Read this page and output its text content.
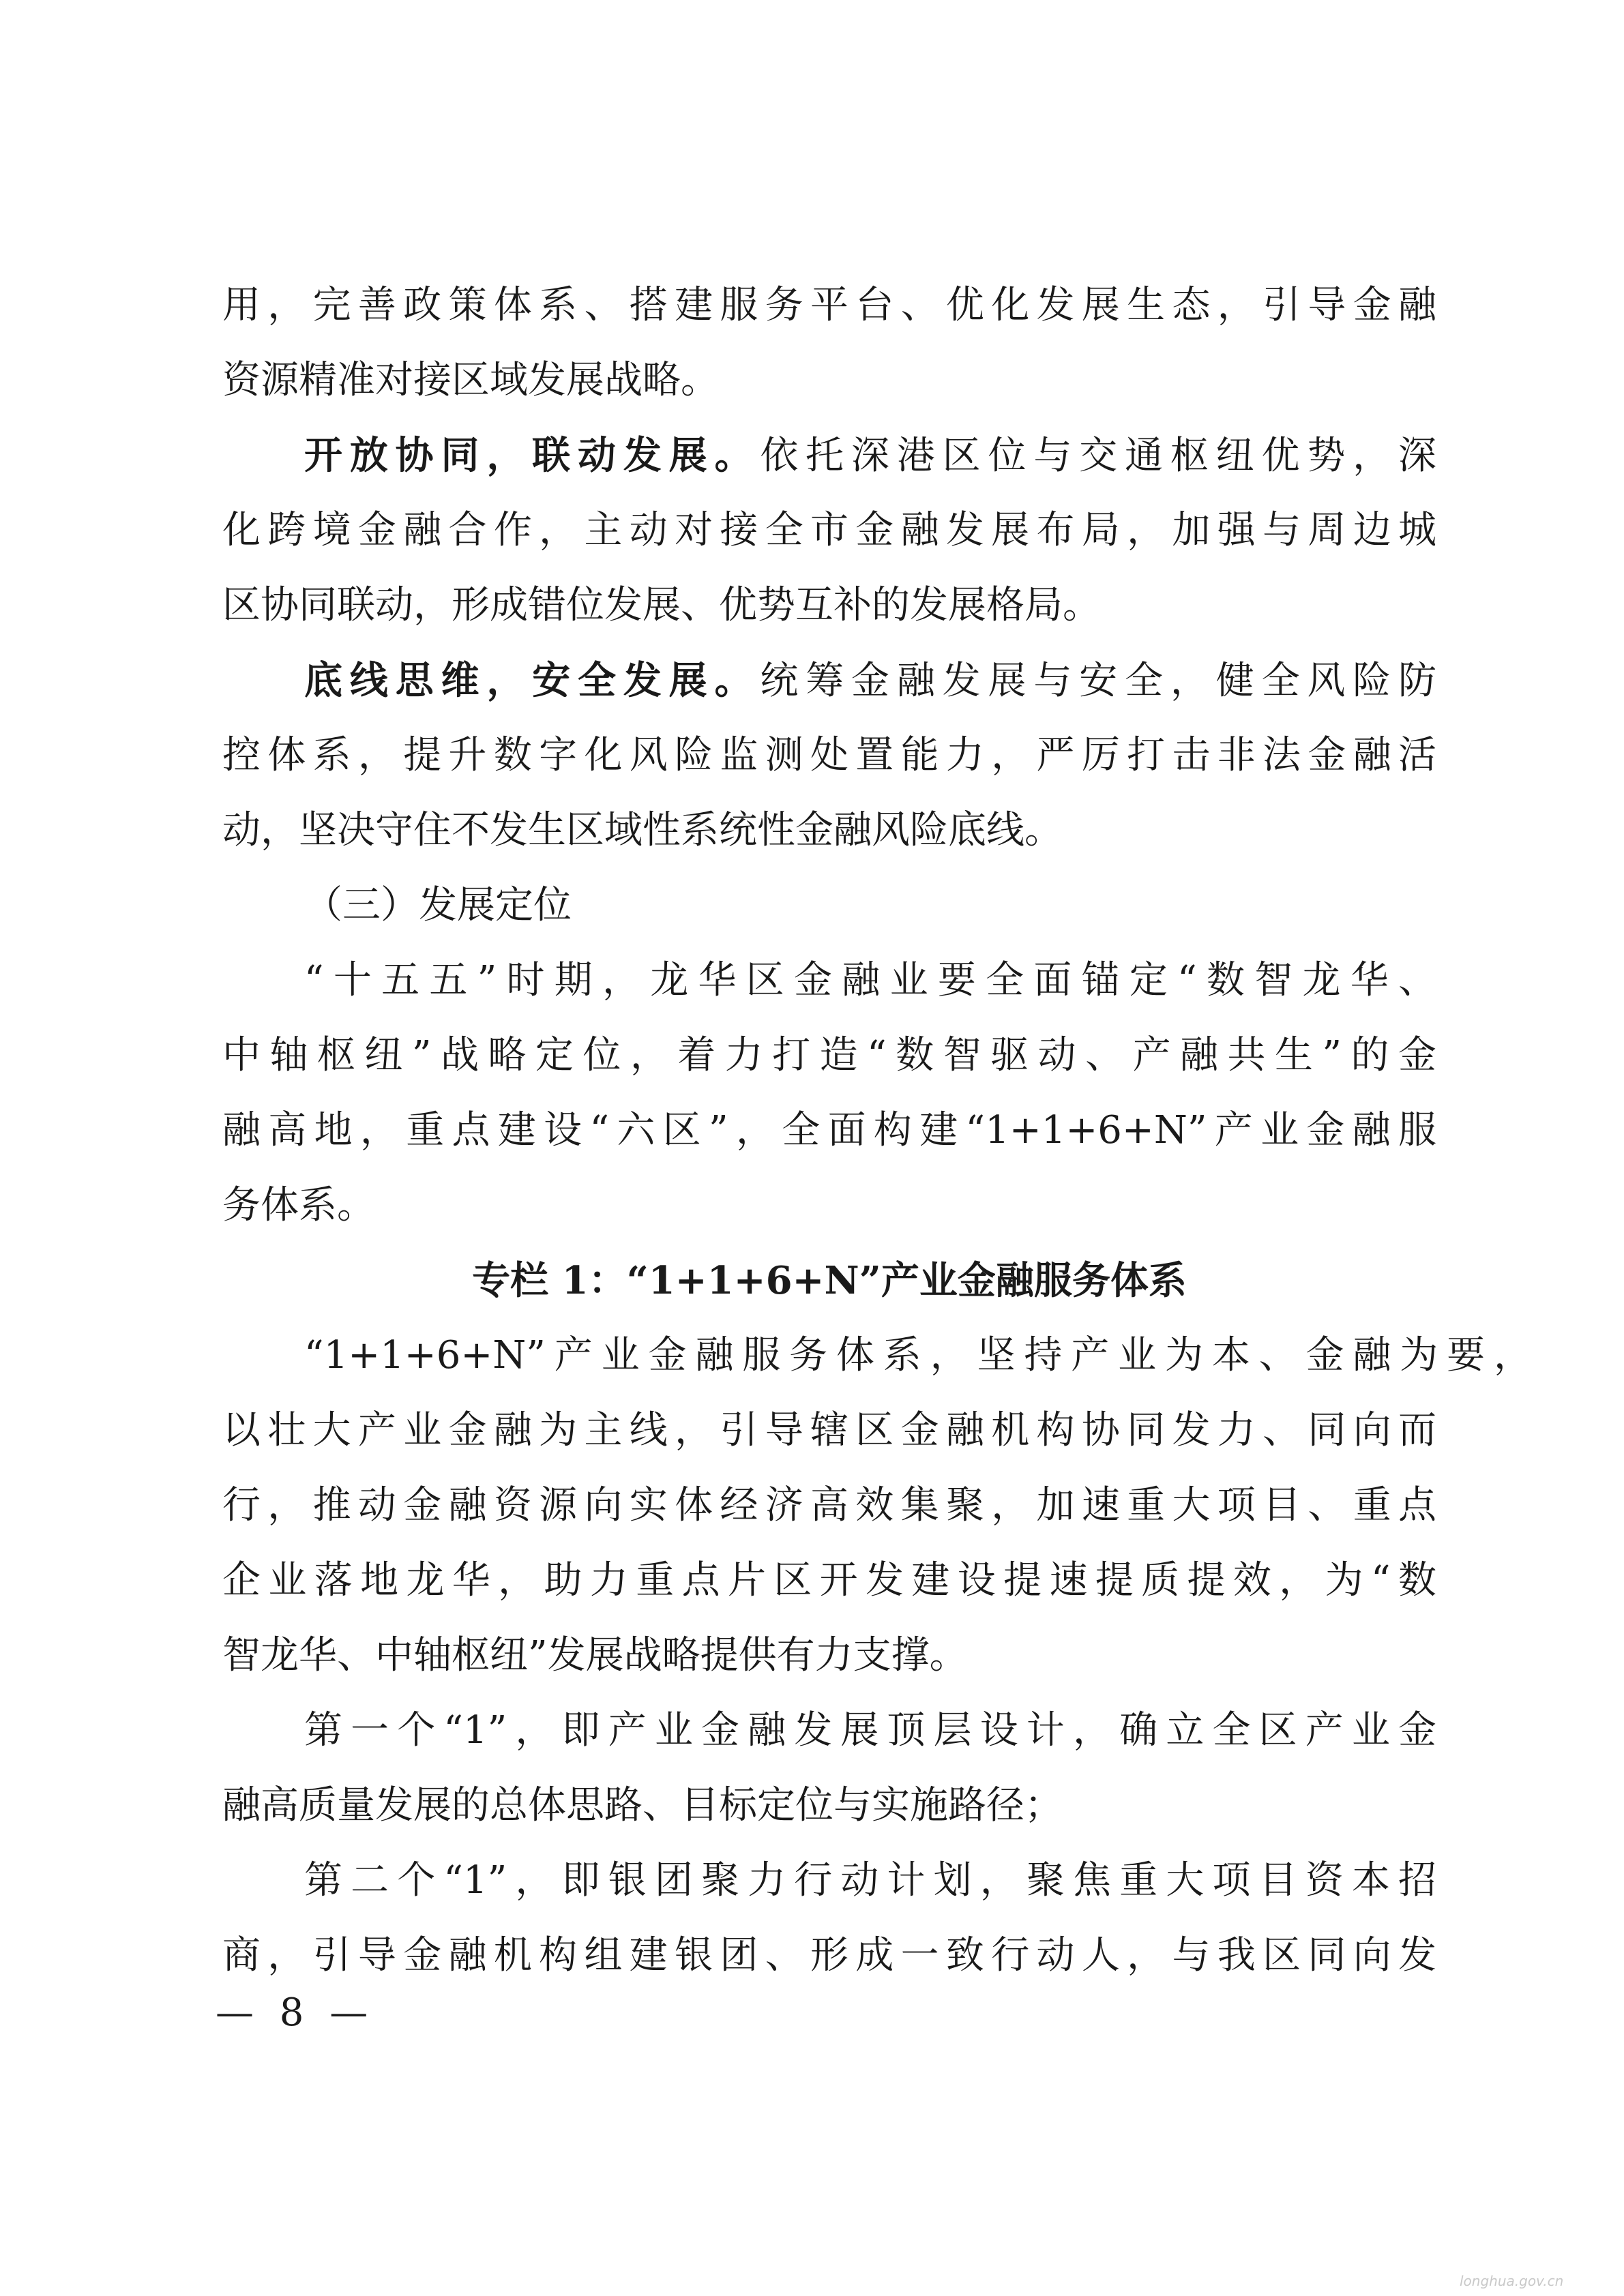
用，完善政策体系、搭建服务平台、优化发展生态，引导金融
资源精准对接区域发展战略。
开放协同，联动发展。依托深港区位与交通枢纽优势，深
化跨境金融合作，主动对接全市金融发展布局，加强与周边城
区协同联动，形成错位发展、优势互补的发展格局。
底线思维，安全发展。统筹金融发展与安全，健全风险防
控体系，提升数字化风险监测处置能力，严厉打击非法金融活
动，坚决守住不发生区域性系统性金融风险底线。
（三）发展定位
“十五五”时期，龙华区金融业要全面锚定“数智龙华、
中轴枢纽”战略定位，着力打造“数智驱动、产融共生”的金
融高地，重点建设“六区”，全面构建“1+1+6+N”产业金融服
务体系。
专栏 1：“1+1+6+N”产业金融服务体系
“1+1+6+N”产业金融服务体系，坚持产业为本、金融为要，
以壮大产业金融为主线，引导辖区金融机构协同发力、同向而
行，推动金融资源向实体经济高效集聚，加速重大项目、重点
企业落地龙华，助力重点片区开发建设提速提质提效，为“数
智龙华、中轴枢纽”发展战略提供有力支撑。
第一个“1”，即产业金融发展顶层设计，确立全区产业金
融高质量发展的总体思路、目标定位与实施路径；
第二个“1”，即银团聚力行动计划，聚焦重大项目资本招
商，引导金融机构组建银团、形成一致行动人，与我区同向发
— 8 —
longhua.gov.cn
